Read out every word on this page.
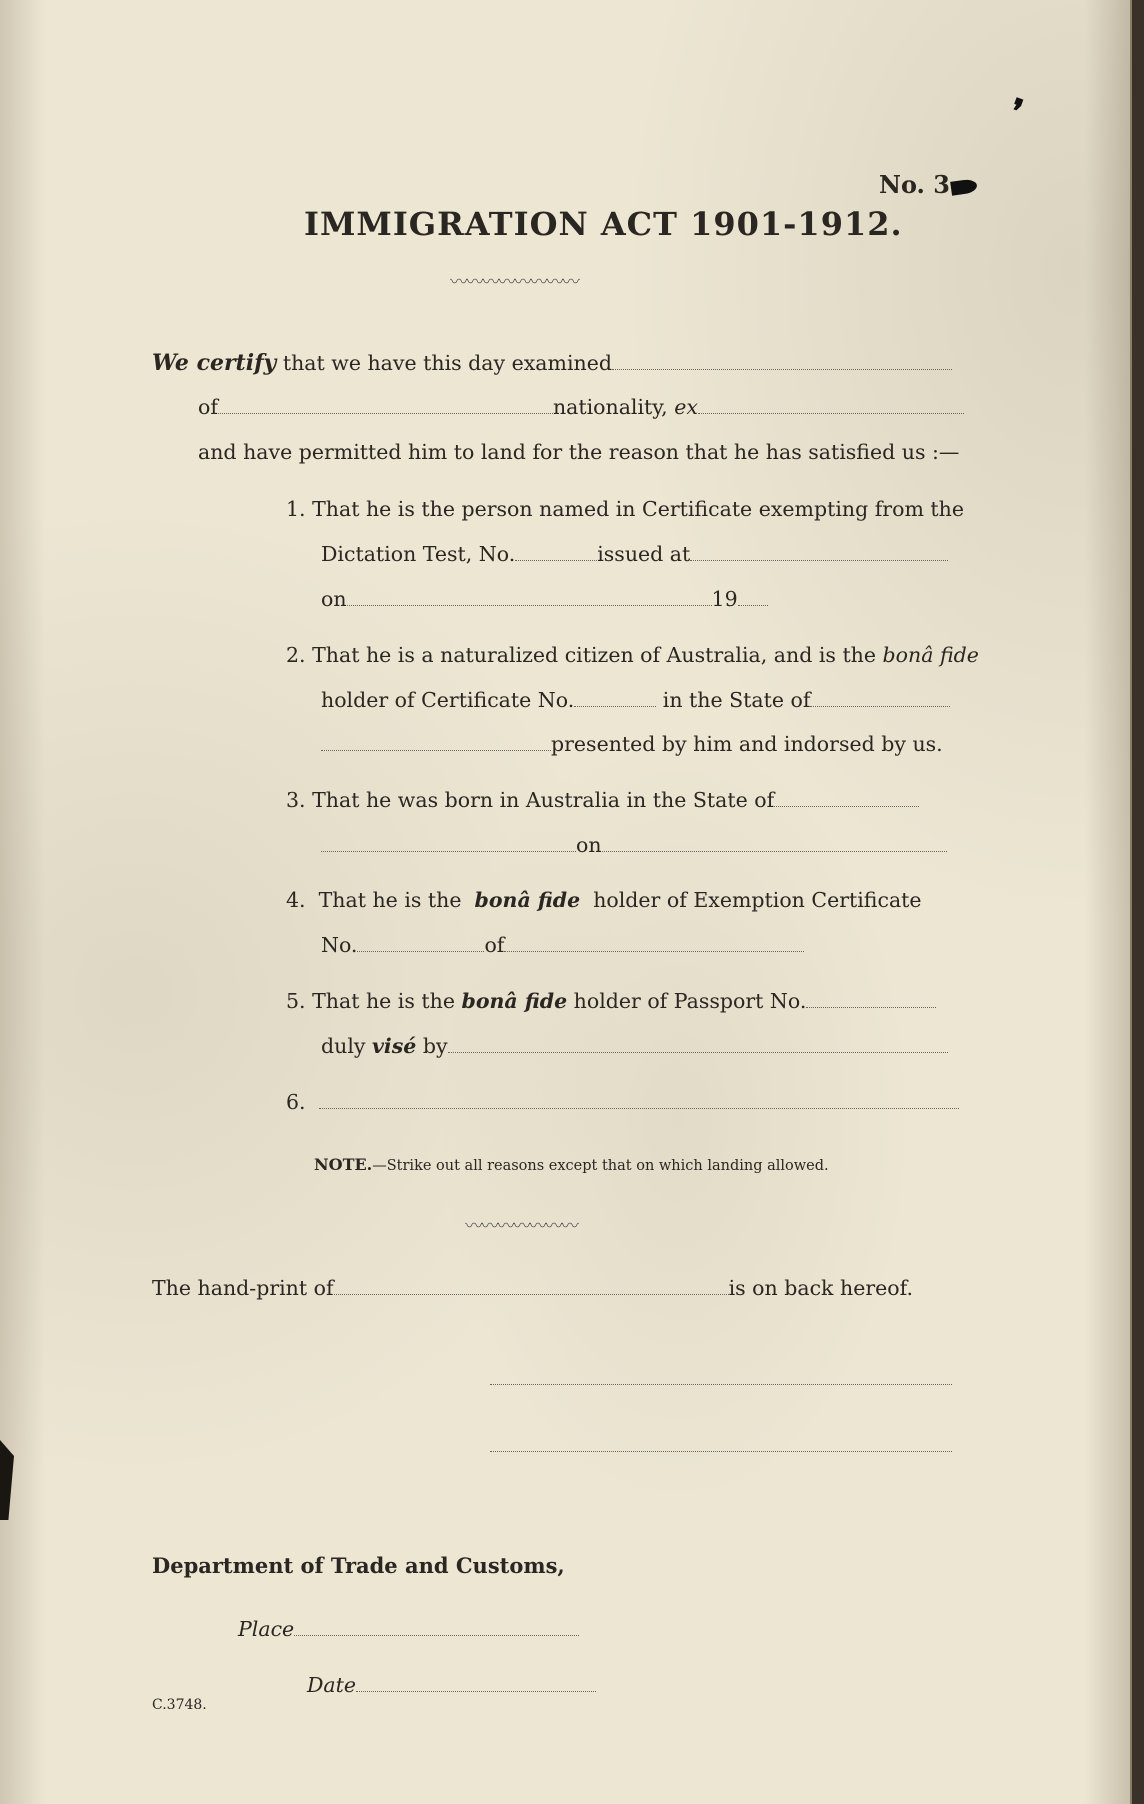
❜
No. 3
IMMIGRATION ACT 1901-1912.
〰〰〰〰〰〰〰〰
We certify that we have this day examined
of	nationality, ex
and have permitted him to land for the reason that he has satisfied us :—
1. That he is the person named in Certificate exempting from the
Dictation Test, No.	issued at
on	19
2. That he is a naturalized citizen of Australia, and is the bonâ fide
holder of Certificate No.	in the State of
presented by him and indorsed by us.
3. That he was born in Australia in the State of
on
4. That he is the bonâ fide holder of Exemption Certificate
No.	of
5. That he is the bonâ fide holder of Passport No.
duly visé by
6.
NOTE.—Strike out all reasons except that on which landing allowed.
〰〰〰〰〰〰〰
The hand-print of	is on back hereof.
Department of Trade and Customs,
Place
Date
C.3748.
